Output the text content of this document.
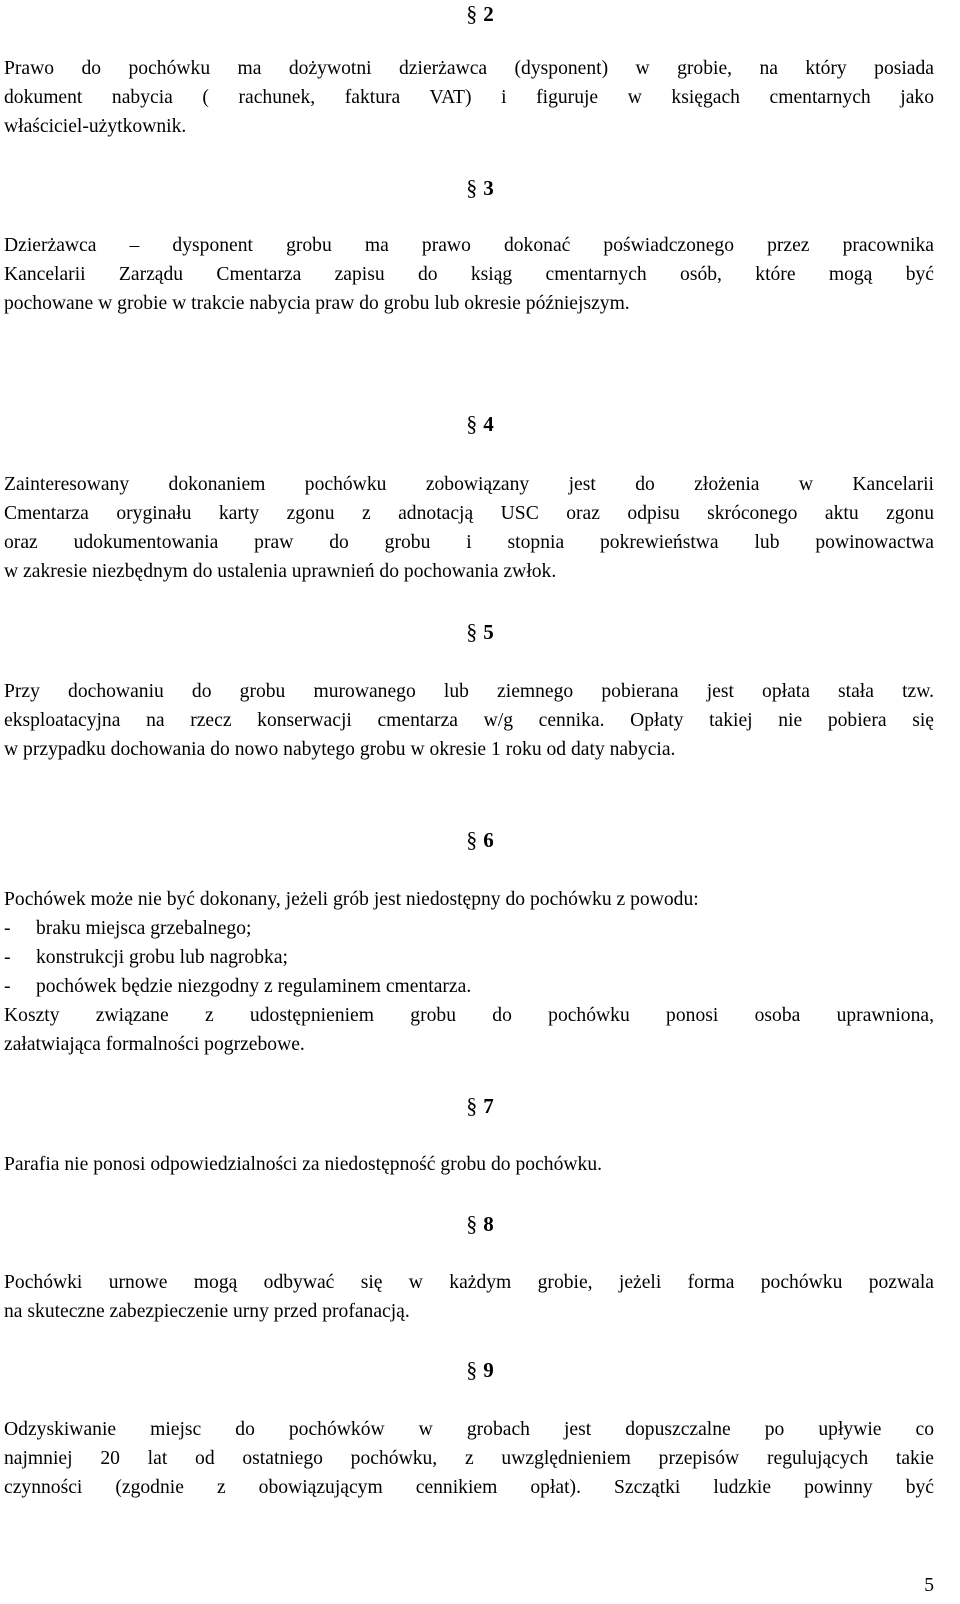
§ 2
Prawo do pochówku ma dożywotni dzierżawca (dysponent) w grobie, na który posiada
dokument nabycia ( rachunek, faktura VAT) i figuruje w księgach cmentarnych jako
właściciel-użytkownik.
§ 3
Dzierżawca – dysponent grobu ma prawo dokonać poświadczonego przez pracownika
Kancelarii Zarządu Cmentarza zapisu do ksiąg cmentarnych osób, które mogą być
pochowane w grobie w trakcie nabycia praw do grobu lub okresie późniejszym.
§ 4
Zainteresowany dokonaniem pochówku zobowiązany jest do złożenia w Kancelarii
Cmentarza oryginału karty zgonu z adnotacją USC oraz odpisu skróconego aktu zgonu
oraz udokumentowania praw do grobu i stopnia pokrewieństwa lub powinowactwa
w zakresie niezbędnym do ustalenia uprawnień do pochowania zwłok.
§ 5
Przy dochowaniu do grobu murowanego lub ziemnego pobierana jest opłata stała tzw.
eksploatacyjna na rzecz konserwacji cmentarza w/g cennika. Opłaty takiej nie pobiera się
w przypadku dochowania do nowo nabytego grobu w okresie 1 roku od daty nabycia.
§ 6
Pochówek może nie być dokonany, jeżeli grób jest niedostępny do pochówku z powodu:
- braku miejsca grzebalnego;
- konstrukcji grobu lub nagrobka;
- pochówek będzie niezgodny z regulaminem cmentarza.
Koszty związane z udostępnieniem grobu do pochówku ponosi osoba uprawniona,
załatwiająca formalności pogrzebowe.
§ 7
Parafia nie ponosi odpowiedzialności za niedostępność grobu do pochówku.
§ 8
Pochówki urnowe mogą odbywać się w każdym grobie, jeżeli forma pochówku pozwala
na skuteczne zabezpieczenie urny przed profanacją.
§ 9
Odzyskiwanie miejsc do pochówków w grobach jest dopuszczalne po upływie co
najmniej 20 lat od ostatniego pochówku, z uwzględnieniem przepisów regulujących takie
czynności (zgodnie z obowiązującym cennikiem opłat). Szczątki ludzkie powinny być
5
